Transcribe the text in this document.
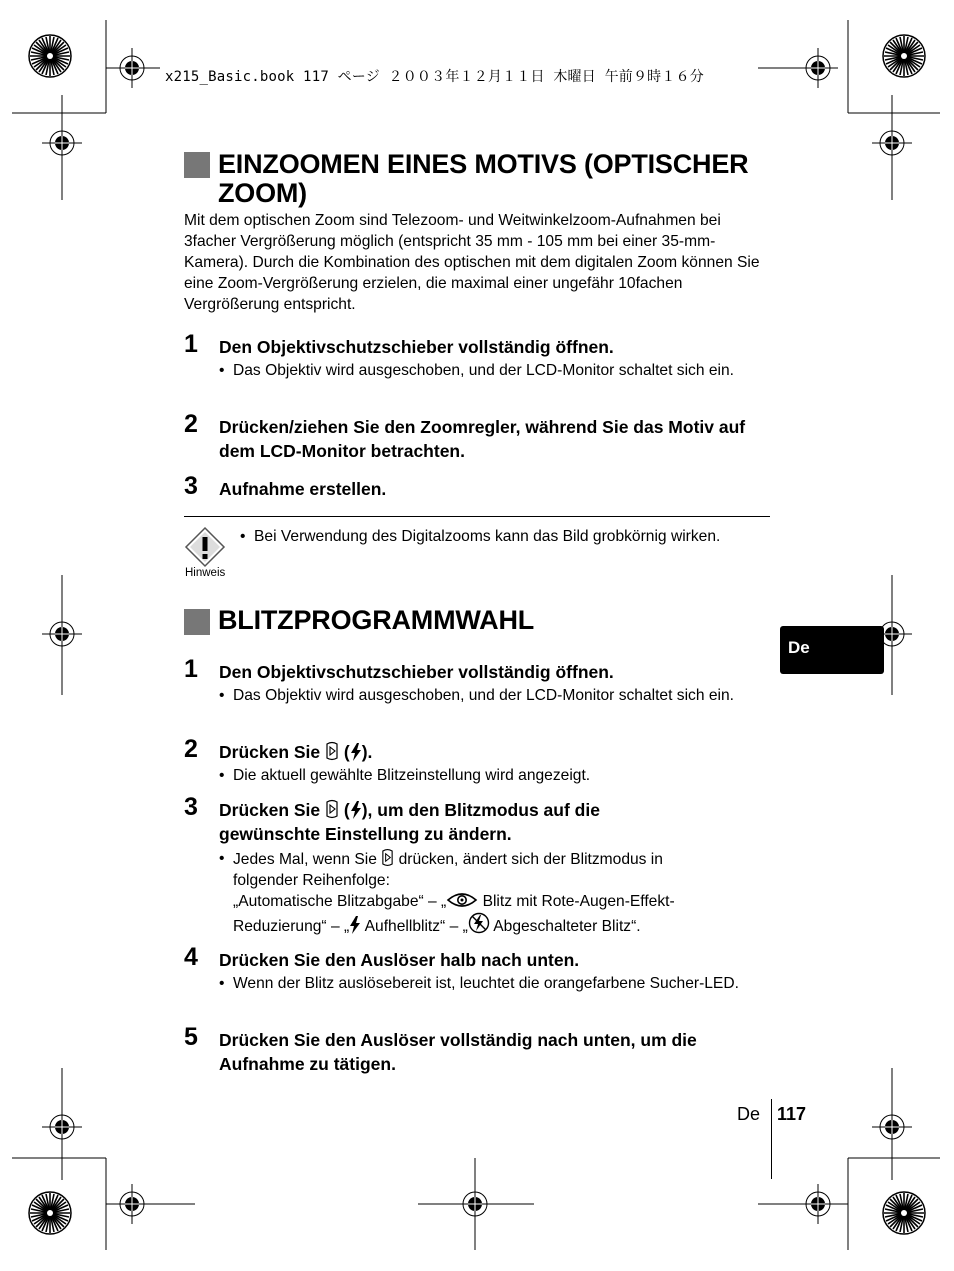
x215_Basic.book 117 ページ ２００３年１２月１１日 木曜日 午前９時１６分
EINZOOMEN EINES MOTIVS (OPTISCHER ZOOM)
Mit dem optischen Zoom sind Telezoom- und Weitwinkelzoom-Aufnahmen bei 3facher Vergrößerung möglich (entspricht 35 mm - 105 mm bei einer 35-mm-Kamera). Durch die Kombination des optischen mit dem digitalen Zoom können Sie eine Zoom-Vergrößerung erzielen, die maximal einer ungefähr 10fachen Vergrößerung entspricht.
1 Den Objektivschutzschieber vollständig öffnen.
• Das Objektiv wird ausgeschoben, und der LCD-Monitor schaltet sich ein.
2 Drücken/ziehen Sie den Zoomregler, während Sie das Motiv auf dem LCD-Monitor betrachten.
3 Aufnahme erstellen.
Hinweis
• Bei Verwendung des Digitalzooms kann das Bild grobkörnig wirken.
BLITZPROGRAMMWAHL
De
1 Den Objektivschutzschieber vollständig öffnen.
• Das Objektiv wird ausgeschoben, und der LCD-Monitor schaltet sich ein.
2 Drücken Sie ( ).
• Die aktuell gewählte Blitzeinstellung wird angezeigt.
3 Drücken Sie ( ), um den Blitzmodus auf die
gewünschte Einstellung zu ändern.
• Jedes Mal, wenn Sie drücken, ändert sich der Blitzmodus in
folgender Reihenfolge:
„Automatische Blitzabgabe“ – „ Blitz mit Rote-Augen-Effekt-
Reduzierung“ – „ Aufhellblitz“ – „ Abgeschalteter Blitz“.
4 Drücken Sie den Auslöser halb nach unten.
• Wenn der Blitz auslösebereit ist, leuchtet die orangefarbene Sucher-LED.
5 Drücken Sie den Auslöser vollständig nach unten, um die Aufnahme zu tätigen.
De 117
